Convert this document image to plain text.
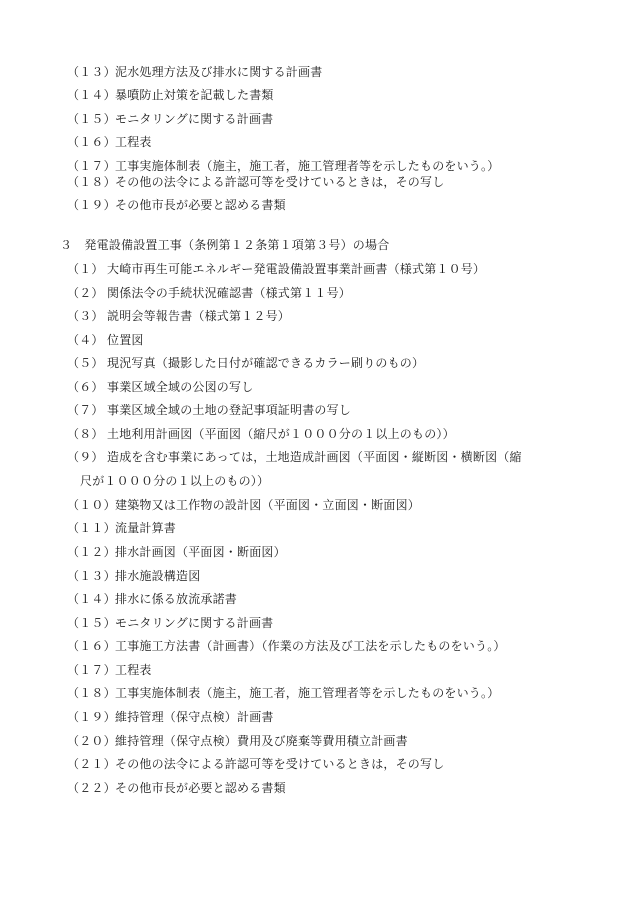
（１３）泥水処理方法及び排水に関する計画書
（１４）暴噴防止対策を記載した書類
（１５）モニタリングに関する計画書
（１６）工程表
（１７）工事実施体制表（施主，施工者，施工管理者等を示したものをいう。）
（１８）その他の法令による許認可等を受けているときは，その写し
（１９）その他市長が必要と認める書類
３　発電設備設置工事（条例第１２条第１項第３号）の場合
（１） 大崎市再生可能エネルギー発電設備設置事業計画書（様式第１０号）
（２） 関係法令の手続状況確認書（様式第１１号）
（３） 説明会等報告書（様式第１２号）
（４） 位置図
（５） 現況写真（撮影した日付が確認できるカラー刷りのもの）
（６） 事業区域全域の公図の写し
（７） 事業区域全域の土地の登記事項証明書の写し
（８） 土地利用計画図（平面図（縮尺が１０００分の１以上のもの））
（９） 造成を含む事業にあっては，土地造成計画図（平面図・縦断図・横断図（縮
尺が１０００分の１以上のもの））
（１０）建築物又は工作物の設計図（平面図・立面図・断面図）
（１１）流量計算書
（１２）排水計画図（平面図・断面図）
（１３）排水施設構造図
（１４）排水に係る放流承諾書
（１５）モニタリングに関する計画書
（１６）工事施工方法書（計画書）（作業の方法及び工法を示したものをいう。）
（１７）工程表
（１８）工事実施体制表（施主，施工者，施工管理者等を示したものをいう。）
（１９）維持管理（保守点検）計画書
（２０）維持管理（保守点検）費用及び廃棄等費用積立計画書
（２１）その他の法令による許認可等を受けているときは，その写し
（２２）その他市長が必要と認める書類
